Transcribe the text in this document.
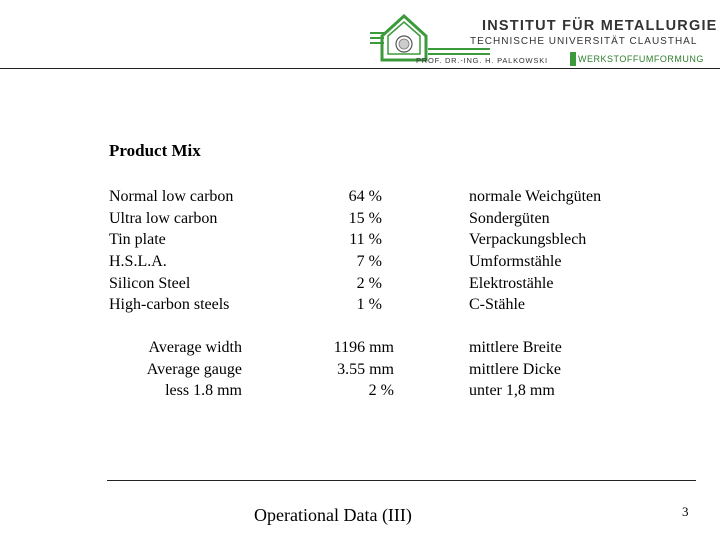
INSTITUT FÜR METALLURGIE
TECHNISCHE UNIVERSITÄT CLAUSTHAL
PROF. DR.-ING. H. PALKOWSKI	WERKSTOFFUMFORMUNG
Product Mix
Normal low carbon
Ultra low carbon
Tin plate
H.S.L.A.
Silicon Steel
High-carbon steels
64 %
15 %
11 %
7 %
2 %
1 %
normale Weichgüten
Sondergüten
Verpackungsblech
Umformstähle
Elektrostähle
C-Stähle
Average width
Average gauge
less 1.8 mm
1196 mm
3.55 mm
2 %
mittlere Breite
mittlere Dicke
unter 1,8 mm
Operational Data (III)	3
